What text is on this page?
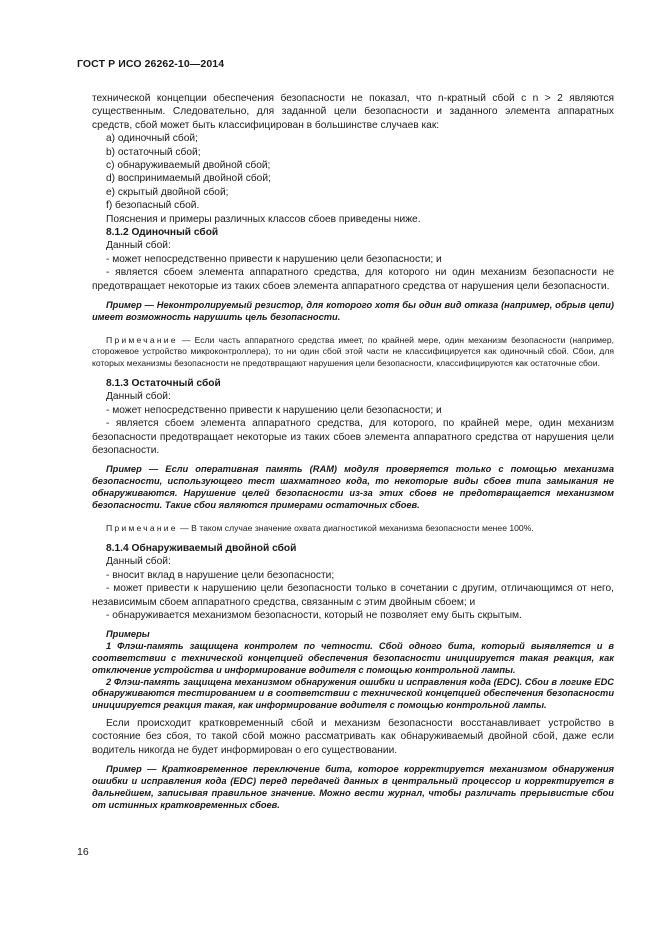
ГОСТ Р ИСО 26262-10—2014

технической концепции обеспечения безопасности не показал, что n-кратный сбой с n > 2 являются существенным. Следовательно, для заданной цели безопасности и заданного элемента аппаратных средств, сбой может быть классифицирован в большинстве случаев как:

а) одиночный сбой;

b) остаточный сбой;

с) обнаруживаемый двойной сбой;

d) воспринимаемый двойной сбой;

е) скрытый двойной сбой;

f) безопасный сбой.

Пояснения и примеры различных классов сбоев приведены ниже.

8.1.2 Одиночный сбой

Данный сбой:

- может непосредственно привести к нарушению цели безопасности; и

- является сбоем элемента аппаратного средства, для которого ни один механизм безопасности не предотвращает некоторые из таких сбоев элемента аппаратного средства от нарушения цели безопасности.

Пример — Неконтролируемый резистор, для которого хотя бы один вид отказа (например, обрыв цепи) имеет возможность нарушить цель безопасности.

Примечание — Если часть аппаратного средства имеет, по крайней мере, один механизм безопасности (например, сторожевое устройство микроконтроллера), то ни один сбой этой части не классифицируется как одиночный сбой. Сбои, для которых механизмы безопасности не предотвращают нарушения цели безопасности, классифицируются как остаточные сбои.

8.1.3 Остаточный сбой

Данный сбой:

- может непосредственно привести к нарушению цели безопасности; и

- является сбоем элемента аппаратного средства, для которого, по крайней мере, один механизм безопасности предотвращает некоторые из таких сбоев элемента аппаратного средства от нарушения цели безопасности.

Пример — Если оперативная память (RAM) модуля проверяется только с помощью механизма безопасности, использующего тест шахматного кода, то некоторые виды сбоев типа замыкания не обнаруживаются. Нарушение целей безопасности из-за этих сбоев не предотвращается механизмом безопасности. Такие сбои являются примерами остаточных сбоев.

Примечание — В таком случае значение охвата диагностикой механизма безопасности менее 100%.

8.1.4 Обнаруживаемый двойной сбой

Данный сбой:

- вносит вклад в нарушение цели безопасности;

- может привести к нарушению цели безопасности только в сочетании с другим, отличающимся от него, независимым сбоем аппаратного средства, связанным с этим двойным сбоем; и

- обнаруживается механизмом безопасности, который не позволяет ему быть скрытым.

Примеры

1 Флэш-память защищена контролем по четности. Сбой одного бита, который выявляется и в соответствии с технической концепцией обеспечения безопасности инициируется такая реакция, как отключение устройства и информирование водителя с помощью контрольной лампы.

2 Флэш-память защищена механизмом обнаружения ошибки и исправления кода (EDC). Сбои в логике EDC обнаруживаются тестированием и в соответствии с технической концепцией обеспечения безопасности инициируется реакция такая, как информирование водителя с помощью контрольной лампы.

Если происходит кратковременный сбой и механизм безопасности восстанавливает устройство в состояние без сбоя, то такой сбой можно рассматривать как обнаруживаемый двойной сбой, даже если водитель никогда не будет информирован о его существовании.

Пример — Кратковременное переключение бита, которое корректируется механизмом обнаружения ошибки и исправления кода (EDC) перед передачей данных в центральный процессор и корректируется в дальнейшем, записывая правильное значение. Можно вести журнал, чтобы различать прерывистые сбои от истинных кратковременных сбоев.

16
